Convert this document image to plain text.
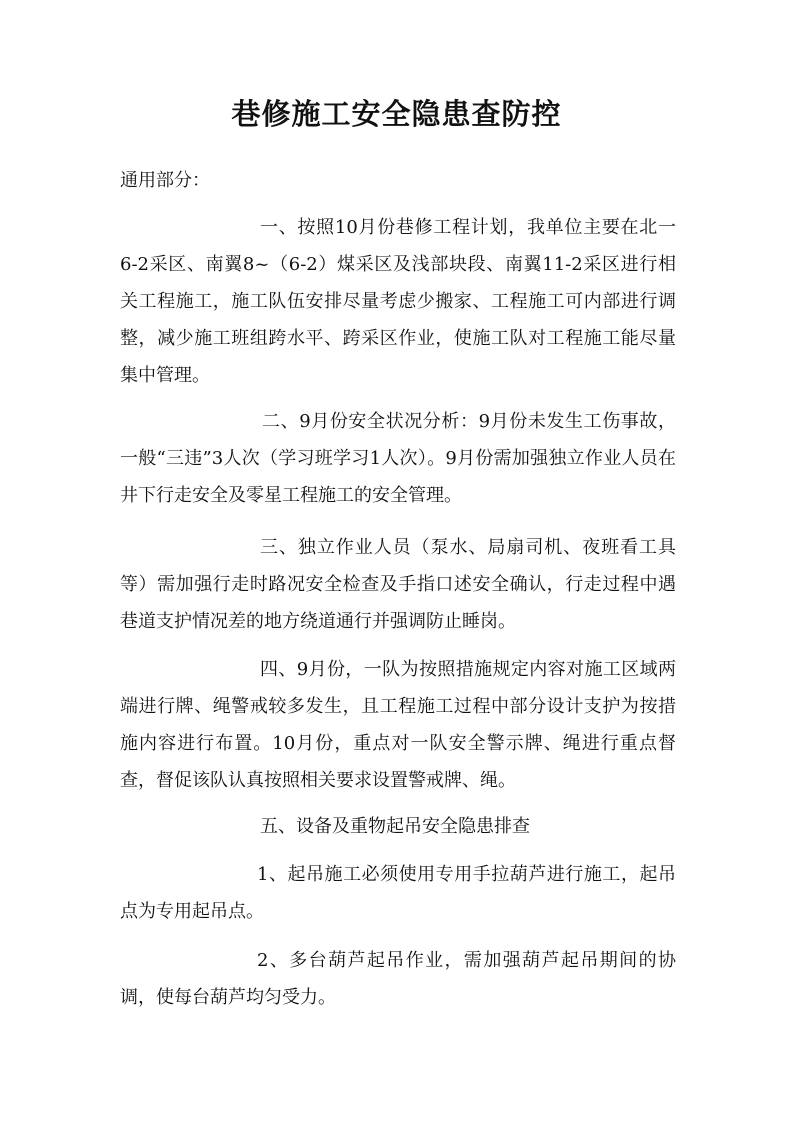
巷修施工安全隐患查防控
通用部分：
一、按照10月份巷修工程计划，我单位主要在北一6-2采区、南翼8~（6-2）煤采区及浅部块段、南翼11-2采区进行相关工程施工，施工队伍安排尽量考虑少搬家、工程施工可内部进行调整，减少施工班组跨水平、跨采区作业，使施工队对工程施工能尽量集中管理。
二、9月份安全状况分析：9月份未发生工伤事故，一般“三违”3人次（学习班学习1人次）。9月份需加强独立作业人员在井下行走安全及零星工程施工的安全管理。
三、独立作业人员（泵水、局扇司机、夜班看工具等）需加强行走时路况安全检查及手指口述安全确认，行走过程中遇巷道支护情况差的地方绕道通行并强调防止睡岗。
四、9月份，一队为按照措施规定内容对施工区域两端进行牌、绳警戒较多发生，且工程施工过程中部分设计支护为按措施内容进行布置。10月份，重点对一队安全警示牌、绳进行重点督查，督促该队认真按照相关要求设置警戒牌、绳。
五、设备及重物起吊安全隐患排查
1、起吊施工必须使用专用手拉葫芦进行施工，起吊点为专用起吊点。
2、多台葫芦起吊作业，需加强葫芦起吊期间的协调，使每台葫芦均匀受力。
